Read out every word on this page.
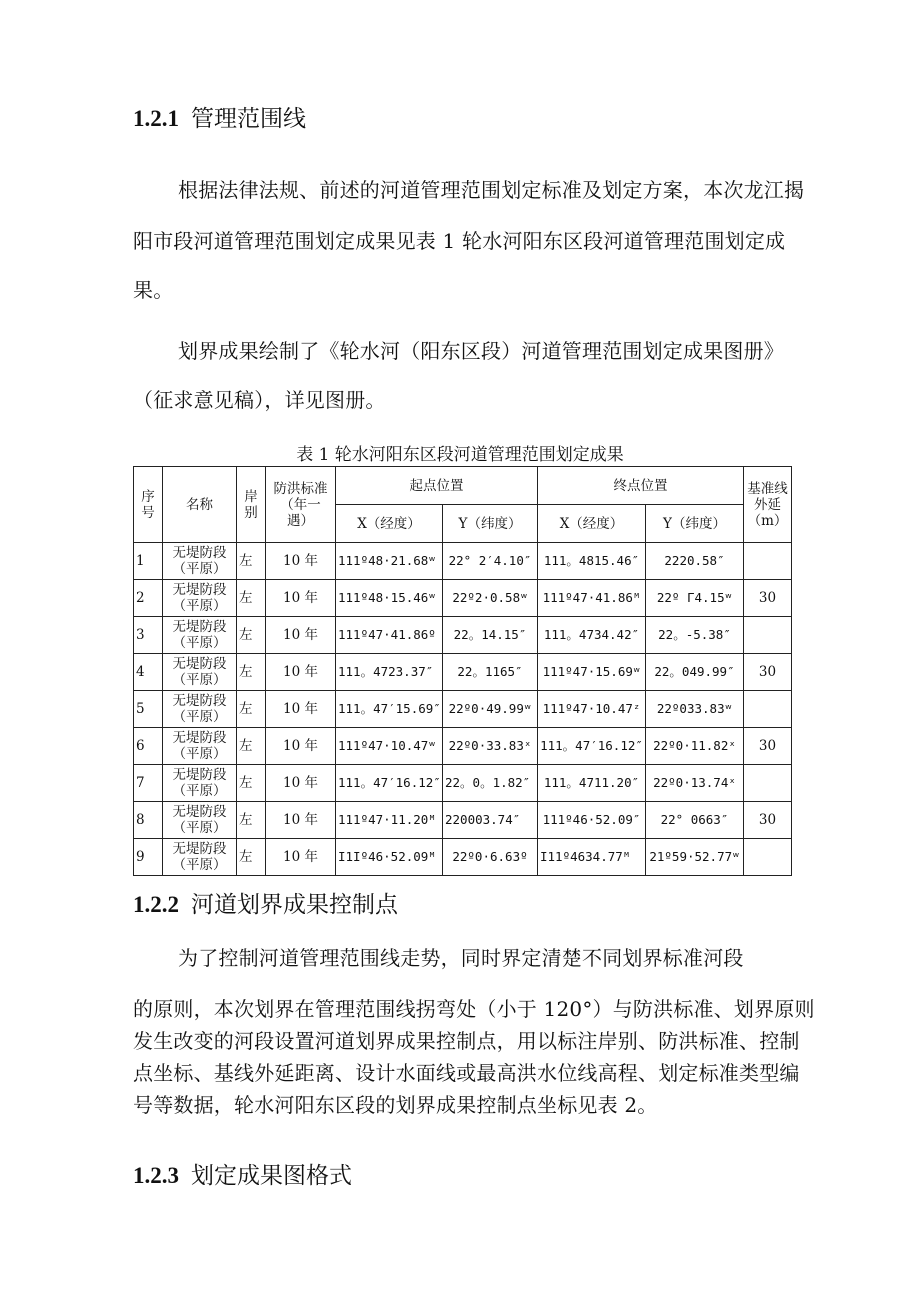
1.2.1 管理范围线
根据法律法规、前述的河道管理范围划定标准及划定方案，本次龙江揭
阳市段河道管理范围划定成果见表 1 轮水河阳东区段河道管理范围划定成
果。
划界成果绘制了《轮水河（阳东区段）河道管理范围划定成果图册》
（征求意见稿），详见图册。
表 1 轮水河阳东区段河道管理范围划定成果
序号	名称	岸别	防洪标准（年一遇）	起点位置		终点位置		基准线外延（m）
				X（经度）	Y（纬度）	X（经度）	Y（纬度）	
1	无堤防段（平原）	左	10 年	111º48·21.68ʷ	22° 2′4.10″	111。4815.46″	2220.58″	
2	无堤防段（平原）	左	10 年	111º48·15.46ʷ	22º2·0.58ʷ	111º47·41.86ᴹ	22º Γ4.15ʷ	30
3	无堤防段（平原）	左	10 年	111º47·41.86º	22。14.15″	111。4734.42″	22。-5.38″	
4	无堤防段（平原）	左	10 年	111。4723.37″	22。1165″	111º47·15.69ʷ	22。049.99″	30
5	无堤防段（平原）	左	10 年	111。47′15.69″	22º0·49.99ʷ	111º47·10.47ᶻ	22º033.83ʷ	
6	无堤防段（平原）	左	10 年	111º47·10.47ʷ	22º0·33.83ˣ	111。47′16.12″	22º0·11.82ˣ	30
7	无堤防段（平原）	左	10 年	111。47′16.12″	22。0。1.82″	111。4711.20″	22º0·13.74ˣ	
8	无堤防段（平原）	左	10 年	111º47·11.20ᴹ	220003.74″	111º46·52.09″	22° 0663″	30
9	无堤防段（平原）	左	10 年	I1Iº46·52.09ᴹ	22º0·6.63º	I11º4634.77ᴹ	21º59·52.77ʷ	
1.2.2 河道划界成果控制点
为了控制河道管理范围线走势，同时界定清楚不同划界标准河段
的原则，本次划界在管理范围线拐弯处（小于 120°）与防洪标准、划界原则
发生改变的河段设置河道划界成果控制点，用以标注岸别、防洪标准、控制
点坐标、基线外延距离、设计水面线或最高洪水位线高程、划定标准类型编
号等数据，轮水河阳东区段的划界成果控制点坐标见表 2。
1.2.3 划定成果图格式
